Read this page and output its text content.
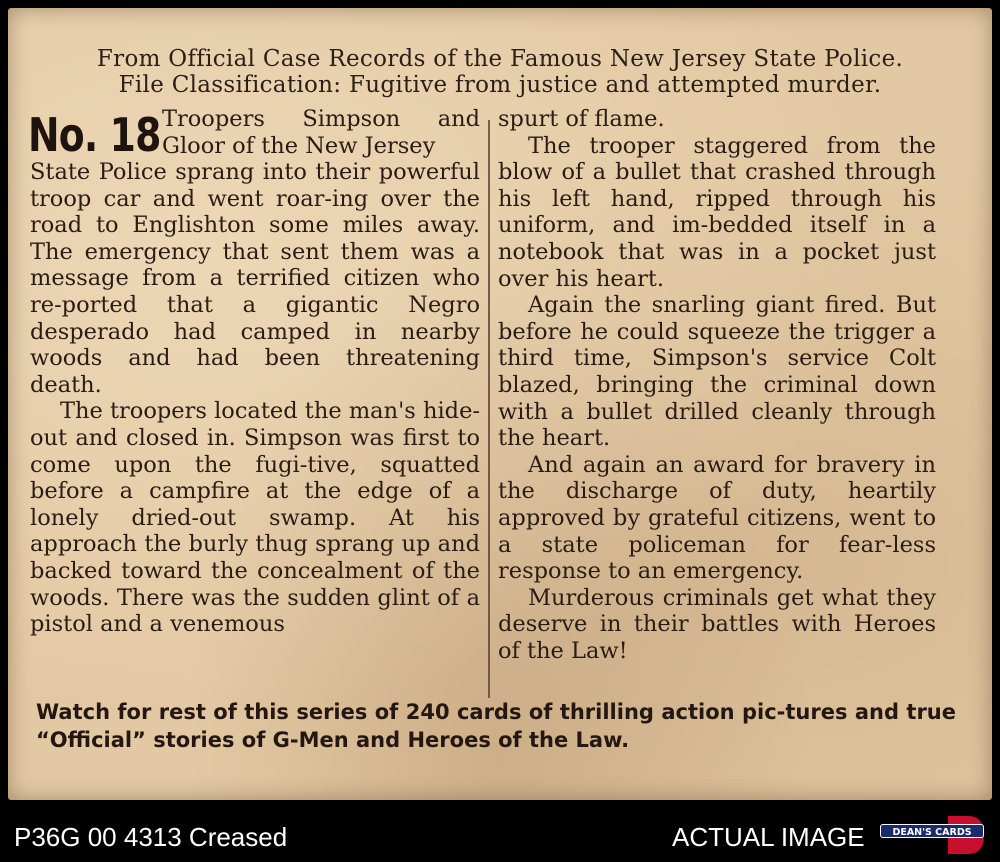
From Official Case Records of the Famous New Jersey State Police.
File Classification: Fugitive from justice and attempted murder.
No. 18 Troopers Simpson and Gloor of the New Jersey

State Police sprang into their powerful troop car and went roar-ing over the road to Englishton some miles away. The emergency that sent them was a message from a terrified citizen who re-ported that a gigantic Negro desperado had camped in nearby woods and had been threatening death.

The troopers located the man's hide-out and closed in. Simpson was first to come upon the fugi-tive, squatted before a campfire at the edge of a lonely dried-out swamp. At his approach the burly thug sprang up and backed toward the concealment of the woods. There was the sudden glint of a pistol and a venemous

spurt of flame.

The trooper staggered from the blow of a bullet that crashed through his left hand, ripped through his uniform, and im-bedded itself in a notebook that was in a pocket just over his heart.

Again the snarling giant fired. But before he could squeeze the trigger a third time, Simpson's service Colt blazed, bringing the criminal down with a bullet drilled cleanly through the heart.

And again an award for bravery in the discharge of duty, heartily approved by grateful citizens, went to a state policeman for fear-less response to an emergency.

Murderous criminals get what they deserve in their battles with Heroes of the Law!

Watch for rest of this series of 240 cards of thrilling action pic-tures and true “Official” stories of G-Men and Heroes of the Law.
P36G 00 4313 Creased	ACTUAL IMAGE	DEAN'S CARDS
